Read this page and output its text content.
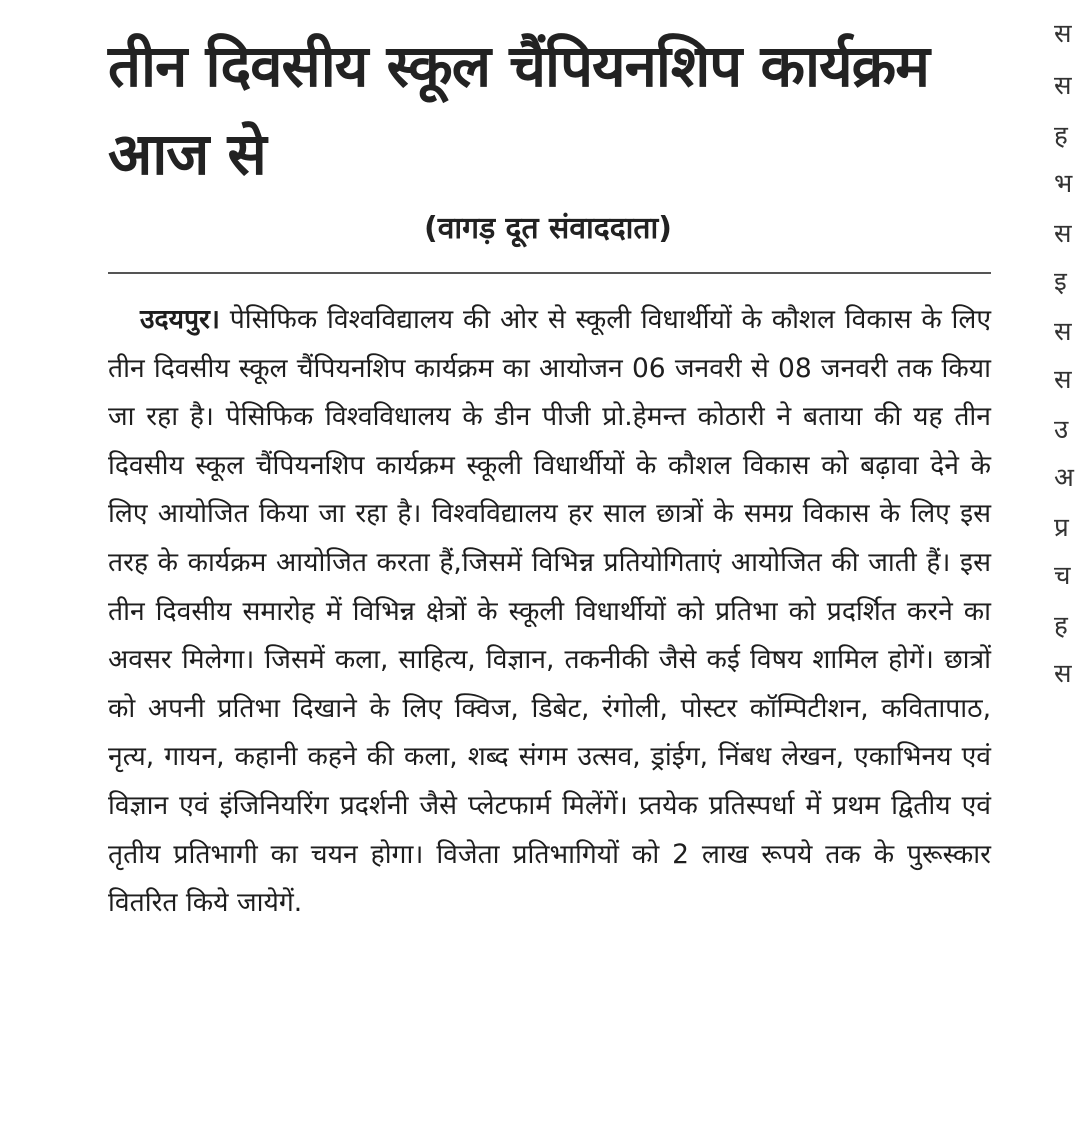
तीन दिवसीय स्कूल चैंपियनशिप कार्यक्रम आज से
(वागड़ दूत संवाददाता)

उदयपुर। पेसिफिक विश्वविद्यालय की ओर से स्कूली विधार्थीयों के कौशल विकास के लिए तीन दिवसीय स्कूल चैंपियनशिप कार्यक्रम का आयोजन 06 जनवरी से 08 जनवरी तक किया जा रहा है। पेसिफिक विश्वविधालय के डीन पीजी प्रो.हेमन्त कोठारी ने बताया की यह तीन दिवसीय स्कूल चैंपियनशिप कार्यक्रम स्कूली विधार्थीयों के कौशल विकास को बढ़ावा देने के लिए आयोजित किया जा रहा है। विश्वविद्यालय हर साल छात्रों के समग्र विकास के लिए इस तरह के कार्यक्रम आयोजित करता हैं,जिसमें विभिन्न प्रतियोगिताएं आयोजित की जाती हैं। इस तीन दिवसीय समारोह में विभिन्न क्षेत्रों के स्कूली विधार्थीयों को प्रतिभा को प्रदर्शित करने का अवसर मिलेगा। जिसमें कला, साहित्य, विज्ञान, तकनीकी जैसे कई विषय शामिल होगें। छात्रों को अपनी प्रतिभा दिखाने के लिए क्विज, डिबेट, रंगोली, पोस्टर कॉम्पिटीशन, कवितापाठ, नृत्य, गायन, कहानी कहने की कला, शब्द संगम उत्सव, ड्रांईग, निंबध लेखन, एकाभिनय एवं विज्ञान एवं इंजिनियरिंग प्रदर्शनी जैसे प्लेटफार्म मिलेंगें। प्र्तयेक प्रतिस्पर्धा में प्रथम द्वितीय एवं तृतीय प्रतिभागी का चयन होगा। विजेता प्रतिभागियों को 2 लाख रूपये तक के पुरूस्कार वितरित किये जायेगें.

स
स
ह
भ
स
इ
स
स
उ
अ
प्र
च
ह
स
